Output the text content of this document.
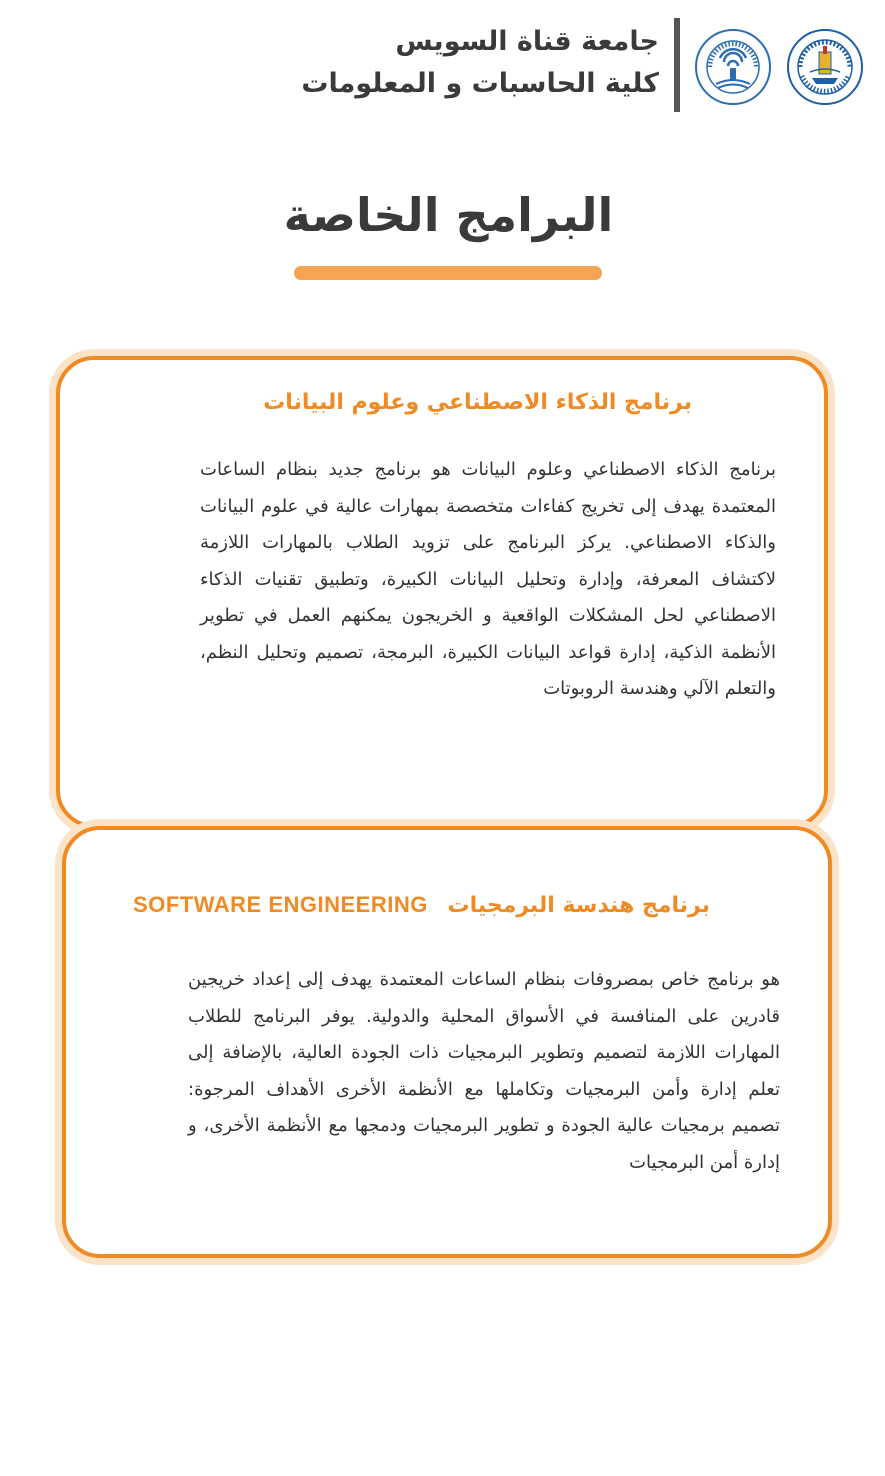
جامعة قناة السويس
كلية الحاسبات و المعلومات
البرامج الخاصة
برنامج الذكاء الاصطناعي وعلوم البيانات
برنامج الذكاء الاصطناعي وعلوم البيانات هو برنامج جديد بنظام الساعات المعتمدة يهدف إلى تخريج كفاءات متخصصة بمهارات عالية في علوم البيانات والذكاء الاصطناعي. يركز البرنامج على تزويد الطلاب بالمهارات اللازمة لاكتشاف المعرفة، وإدارة وتحليل البيانات الكبيرة، وتطبيق تقنيات الذكاء الاصطناعي لحل المشكلات الواقعية و الخريجون يمكنهم العمل في تطوير الأنظمة الذكية، إدارة قواعد البيانات الكبيرة، البرمجة، تصميم وتحليل النظم، والتعلم الآلي وهندسة الروبوتات
برنامج هندسة البرمجيات SOFTWARE ENGINEERING
هو برنامج خاص بمصروفات بنظام الساعات المعتمدة يهدف إلى إعداد خريجين قادرين على المنافسة في الأسواق المحلية والدولية. يوفر البرنامج للطلاب المهارات اللازمة لتصميم وتطوير البرمجيات ذات الجودة العالية، بالإضافة إلى تعلم إدارة وأمن البرمجيات وتكاملها مع الأنظمة الأخرى الأهداف المرجوة: تصميم برمجيات عالية الجودة و تطوير البرمجيات ودمجها مع الأنظمة الأخرى، و إدارة أمن البرمجيات
